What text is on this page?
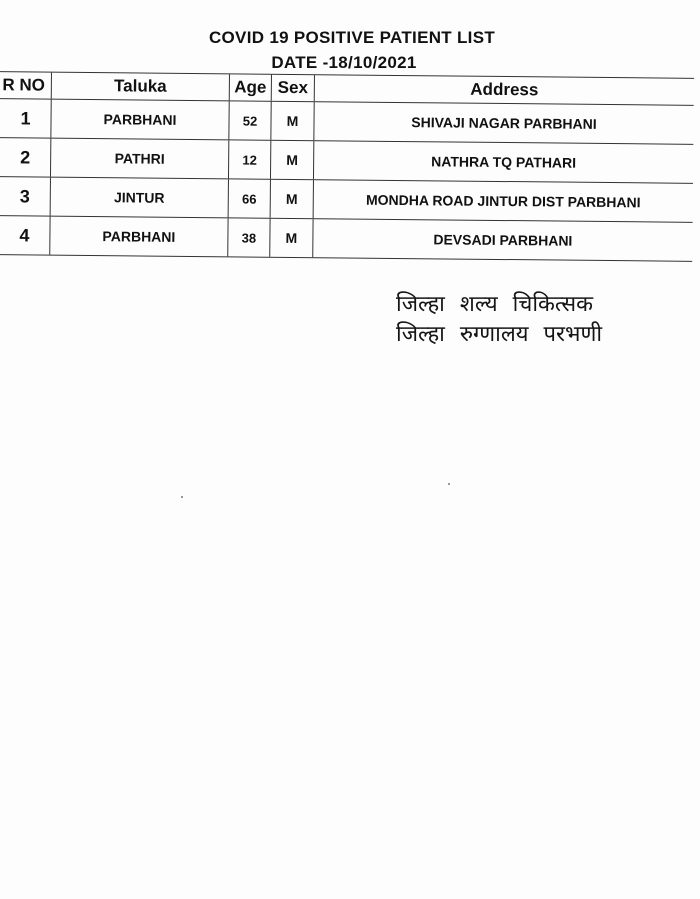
COVID 19 POSITIVE PATIENT LIST
DATE -18/10/2021
R NO	Taluka	Age Sex	Address
1	PARBHANI	52	M	SHIVAJI NAGAR PARBHANI
2	PATHRI	12	M	NATHRA TQ PATHARI
3	JINTUR	66	M	MONDHA ROAD JINTUR DIST PARBHANI
4	PARBHANI	38	M	DEVSADI PARBHANI
जिल्हा शल्य चिकित्सक
जिल्हा रुग्णालय परभणी
